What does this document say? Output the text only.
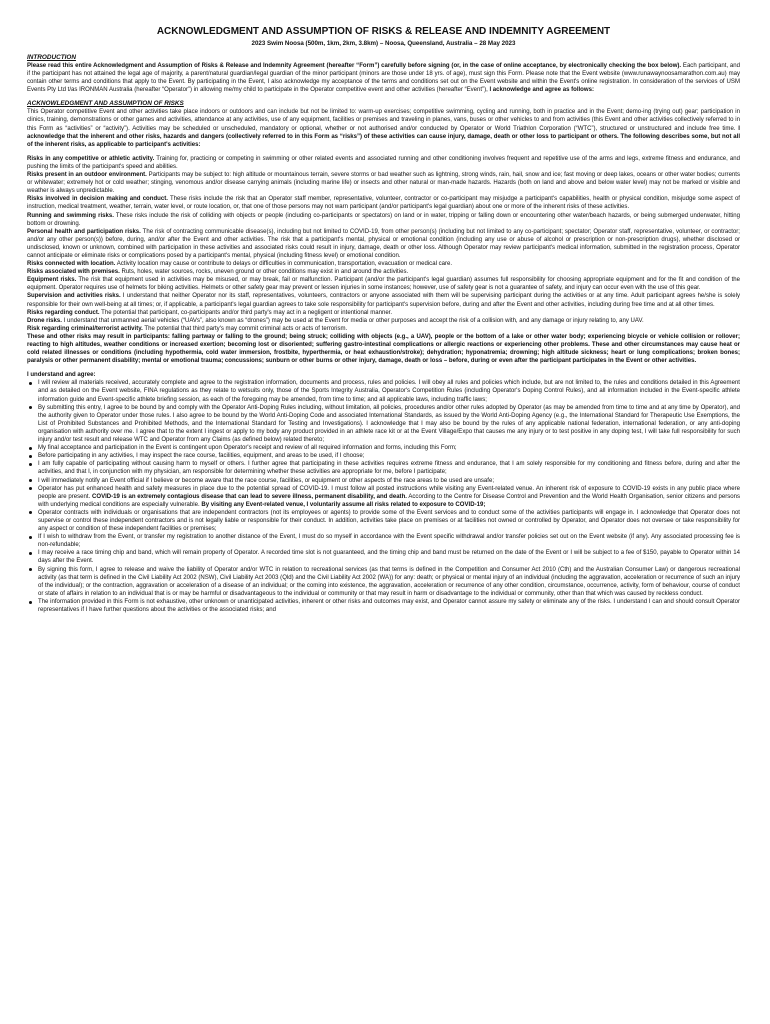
ACKNOWLEDGMENT AND ASSUMPTION OF RISKS & RELEASE AND INDEMNITY AGREEMENT
2023 Swim Noosa (500m, 1km, 2km, 3.8km) – Noosa, Queensland, Australia – 28 May 2023
INTRODUCTION

Please read this entire Acknowledgment and Assumption of Risks & Release and Indemnity Agreement (hereafter “Form”) carefully before signing (or, in the case of online acceptance, by electronically checking the box below). Each participant, and if the participant has not attained the legal age of majority, a parent/natural guardian/legal guardian of the minor participant (minors are those under 18 yrs. of age), must sign this Form. Please note that the Event website (www.runawaynoosamarathon.com.au) may contain other terms and conditions that apply to the Event. By participating in the Event, I also acknowledge my acceptance of the terms and conditions set out on the Event website and within the Event's online registration. In consideration of the services of USM Events Pty Ltd t/as IRONMAN Australia (hereafter “Operator”) in allowing me/my child to participate in the Operator competitive event and other activities (hereafter “Event”), I acknowledge and agree as follows:

ACKNOWLEDGMENT AND ASSUMPTION OF RISKS

This Operator competitive Event and other activities take place indoors or outdoors and can include but not be limited to: warm-up exercises; competitive swimming, cycling and running, both in practice and in the Event; demo-ing (trying out) gear; participation in clinics, training, demonstrations or other games and activities, attendance at any activities, use of any equipment, facilities or premises and traveling in planes, vans, buses or other vehicles to and from activities (this Event and other activities collectively referred to in this Form as “activities” or “activity”). Activities may be scheduled or unscheduled, mandatory or optional, whether or not authorised and/or conducted by Operator or World Triathlon Corporation (“WTC”), structured or unstructured and include free time. I acknowledge that the inherent and other risks, hazards and dangers (collectively referred to in this Form as “risks”) of these activities can cause injury, damage, death or other loss to participant or others. The following describes some, but not all of the inherent risks, as applicable to participant's activities:

Risks in any competitive or athletic activity. Training for, practicing or competing in swimming or other related events and associated running and other conditioning involves frequent and repetitive use of the arms and legs, extreme fitness and endurance, and pushing the limits of the participant's speed and abilities.

Risks present in an outdoor environment. Participants may be subject to: high altitude or mountainous terrain, severe storms or bad weather such as lightning, strong winds, rain, hail, snow and ice; fast moving or deep lakes, oceans or other water bodies; currents or whitewater; extremely hot or cold weather; stinging, venomous and/or disease carrying animals (including marine life) or insects and other natural or man-made hazards. Hazards (both on land and above and below water level) may not be marked or visible and weather is always unpredictable.

Risks involved in decision making and conduct. These risks include the risk that an Operator staff member, representative, volunteer, contractor or co-participant may misjudge a participant's capabilities, health or physical condition, misjudge some aspect of instruction, medical treatment, weather, terrain, water level, or route location, or, that one of those persons may not warn participant (and/or participant's legal guardian) about one or more of the inherent risks of these activities.

Running and swimming risks. These risks include the risk of colliding with objects or people (including co-participants or spectators) on land or in water, tripping or falling down or encountering other water/beach hazards, or being submerged underwater, hitting bottom or drowning.

Personal health and participation risks. The risk of contracting communicable disease(s), including but not limited to COVID-19, from other person(s) (including but not limited to any co-participant; spectator; Operator staff, representative, volunteer, or contractor; and/or any other person(s)) before, during, and/or after the Event and other activities. The risk that a participant's mental, physical or emotional condition (including any use or abuse of alcohol or prescription or non-prescription drugs), whether disclosed or undisclosed, known or unknown, combined with participation in these activities and associated risks could result in injury, damage, death or other loss. Although Operator may review participant's medical information, submitted in the registration process, Operator cannot anticipate or eliminate risks or complications posed by a participant's mental, physical (including fitness level) or emotional condition.

Risks connected with location. Activity location may cause or contribute to delays or difficulties in communication, transportation, evacuation or medical care.

Risks associated with premises. Ruts, holes, water sources, rocks, uneven ground or other conditions may exist in and around the activities.

Equipment risks. The risk that equipment used in activities may be misused, or may break, fail or malfunction. Participant (and/or the participant's legal guardian) assumes full responsibility for choosing appropriate equipment and for the fit and condition of the equipment. Operator requires use of helmets for biking activities. Helmets or other safety gear may prevent or lessen injuries in some instances; however, use of safety gear is not a guarantee of safety, and injury can occur even with the use of this gear.

Supervision and activities risks. I understand that neither Operator nor its staff, representatives, volunteers, contractors or anyone associated with them will be supervising participant during the activities or at any time. Adult participant agrees he/she is solely responsible for their own well-being at all times; or, if applicable, a participant's legal guardian agrees to take sole responsibility for participant's supervision before, during and after the Event and other activities, including during free time and at all other times.

Risks regarding conduct. The potential that participant, co-participants and/or third party's may act in a negligent or intentional manner.

Drone risks. I understand that unmanned aerial vehicles (“UAVs”, also known as “drones”) may be used at the Event for media or other purposes and accept the risk of a collision with, and any damage or injury relating to, any UAV.

Risk regarding criminal/terrorist activity. The potential that third party's may commit criminal acts or acts of terrorism.

These and other risks may result in participants: falling partway or falling to the ground; being struck; colliding with objects (e.g., a UAV), people or the bottom of a lake or other water body; experiencing bicycle or vehicle collision or rollover; reacting to high altitudes, weather conditions or increased exertion; becoming lost or disoriented; suffering gastro-intestinal complications or allergic reactions or experiencing other problems. These and other circumstances may cause heat or cold related illnesses or conditions (including hypothermia, cold water immersion, frostbite, hyperthermia, or heat exhaustion/stroke); dehydration; hyponatremia; drowning; high altitude sickness; heart or lung complications; broken bones; paralysis or other permanent disability; mental or emotional trauma; concussions; sunburn or other burns or other injury, damage, death or loss – before, during or even after the participant participates in the Event or other activities.

I understand and agree:

I will review all materials received, accurately complete and agree to the registration information, documents and process, rules and policies. I will obey all rules and policies which include, but are not limited to, the rules and conditions detailed in this Agreement and as detailed on the Event website, FINA regulations as they relate to wetsuits only, those of the Sports Integrity Australia, Operator's Competition Rules (including Operator's Doping Control Rules), and all information included in the Event-specific athlete information guide and Event-specific athlete briefing session, as each of the foregoing may be amended, from time to time; and all applicable laws, including traffic laws;
By submitting this entry, I agree to be bound by and comply with the Operator Anti-Doping Rules including, without limitation, all policies, procedures and/or other rules adopted by Operator (as may be amended from time to time and at any time by Operator), and the authority given to Operator under those rules. I also agree to be bound by the World Anti-Doping Code and associated International Standards, as issued by the World Anti-Doping Agency (e.g., the International Standard for Therapeutic Use Exemptions, the List of Prohibited Substances and Prohibited Methods, and the International Standard for Testing and Investigations). I acknowledge that I may also be bound by the rules of any applicable national federation, international federation, or any anti-doping organisation with authority over me. I agree that to the extent I ingest or apply to my body any product provided in an athlete race kit or at the Event Village/Expo that causes me any injury or to test positive in any doping test, I will take full responsibility for such injury and/or test result and release WTC and Operator from any Claims (as defined below) related thereto;
My final acceptance and participation in the Event is contingent upon Operator's receipt and review of all required information and forms, including this Form;
Before participating in any activities, I may inspect the race course, facilities, equipment, and areas to be used, if I choose;
I am fully capable of participating without causing harm to myself or others. I further agree that participating in these activities requires extreme fitness and endurance, that I am solely responsible for my conditioning and fitness before, during and after the activities, and that I, in conjunction with my physician, am responsible for determining whether these activities are appropriate for me, before I participate;
I will immediately notify an Event official if I believe or become aware that the race course, facilities, or equipment or other aspects of the race areas to be used are unsafe;
Operator has put enhanced health and safety measures in place due to the potential spread of COVID-19. I must follow all posted instructions while visiting any Event-related venue. An inherent risk of exposure to COVID-19 exists in any public place where people are present. COVID-19 is an extremely contagious disease that can lead to severe illness, permanent disability, and death. According to the Centre for Disease Control and Prevention and the World Health Organisation, senior citizens and persons with underlying medical conditions are especially vulnerable. By visiting any Event-related venue, I voluntarily assume all risks related to exposure to COVID-19;
Operator contracts with individuals or organisations that are independent contractors (not its employees or agents) to provide some of the Event services and to conduct some of the activities participants will engage in. I acknowledge that Operator does not supervise or control these independent contractors and is not legally liable or responsible for their conduct. In addition, activities take place on premises or at facilities not owned or controlled by Operator, and Operator does not oversee or take responsibility for any aspect or condition of these independent facilities or premises;
If I wish to withdraw from the Event, or transfer my registration to another distance of the Event, I must do so myself in accordance with the Event specific withdrawal and/or transfer policies set out on the Event website (if any). Any associated processing fee is non-refundable;
I may receive a race timing chip and band, which will remain property of Operator. A recorded time slot is not guaranteed, and the timing chip and band must be returned on the date of the Event or I will be subject to a fee of $150, payable to Operator within 14 days after the Event.
By signing this form, I agree to release and waive the liability of Operator and/or WTC in relation to recreational services (as that terms is defined in the Competition and Consumer Act 2010 (Cth) and the Australian Consumer Law) or dangerous recreational activity (as that term is defined in the Civil Liability Act 2002 (NSW), Civil Liability Act 2003 (Qld) and the Civil Liability Act 2002 (WA)) for any: death; or physical or mental injury of an individual (including the aggravation, acceleration or recurrence of such an injury of the individual); or the contraction, aggravation or acceleration of a disease of an individual; or the coming into existence, the aggravation, acceleration or recurrence of any other condition, circumstance, occurrence, activity, form of behaviour, course of conduct or state of affairs in relation to an individual that is or may be harmful or disadvantageous to the individual or community or that may result in harm or disadvantage to the individual or community, other than that which was caused by reckless conduct.
The information provided in this Form is not exhaustive, other unknown or unanticipated activities, inherent or other risks and outcomes may exist, and Operator cannot assure my safety or eliminate any of the risks. I understand I can and should consult Operator representatives if I have further questions about the activities or the associated risks; and
